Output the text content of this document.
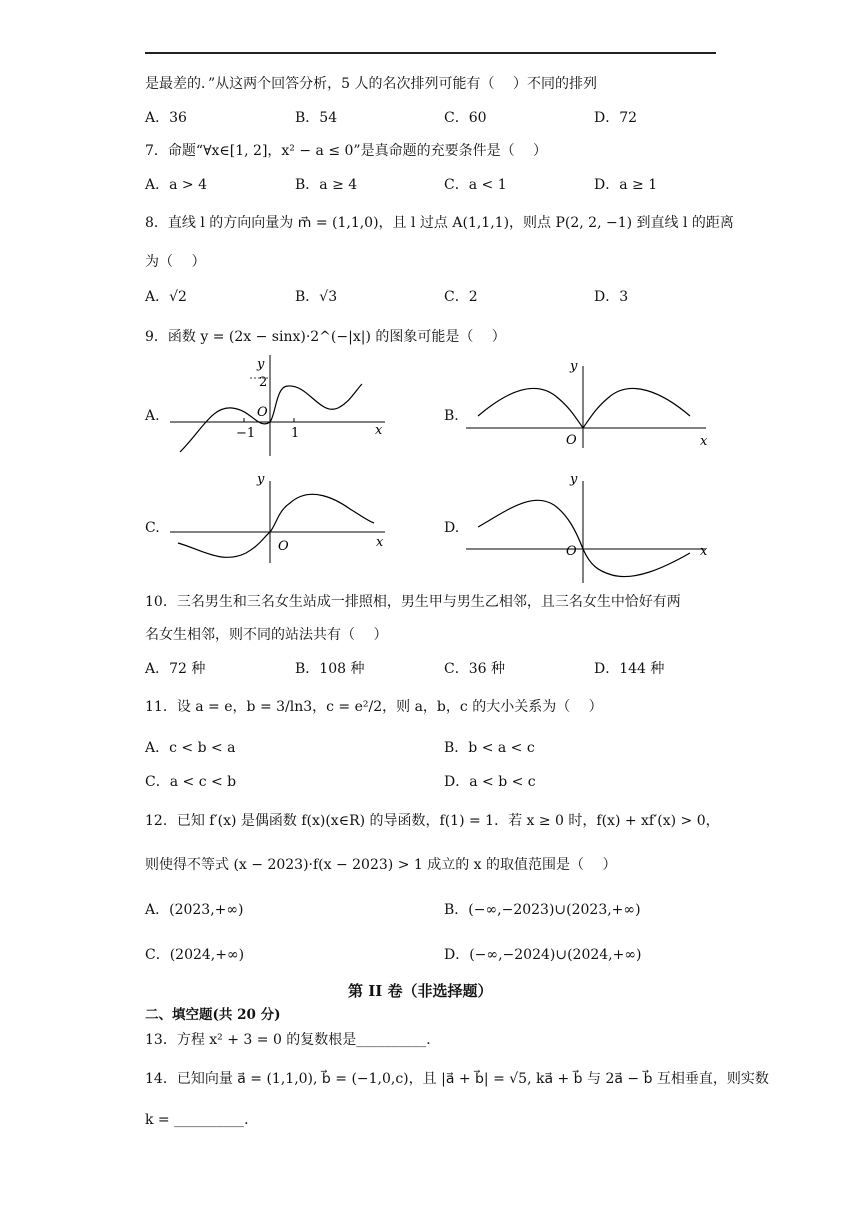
是最差的．”从这两个回答分析，5 人的名次排列可能有（　 ）不同的排列
A．36	B．54	C．60	D．72
7．命题“∀x∈[1, 2]，x² − a ≤ 0”是真命题的充要条件是（　 ）
A．a > 4	B．a ≥ 4	C．a < 1	D．a ≥ 1
8．直线 l 的方向向量为 m⃗ = (1,1,0)，且 l 过点 A(1,1,1)，则点 P(2, 2, −1) 到直线 l 的距离
为（　 ）
A．√2	B．√3	C．2	D．3
9．函数 y = (2x − sinx)·2^(−|x|) 的图象可能是（　 ）
A.	B.
C.	D.
y
x
O
2
−1	1
y
x
O
y
x
O
y
x
O
10．三名男生和三名女生站成一排照相，男生甲与男生乙相邻，且三名女生中恰好有两
名女生相邻，则不同的站法共有（　 ）
A．72 种	B．108 种	C．36 种	D．144 种
11．设 a = e，b = 3/ln3，c = e²/2，则 a，b，c 的大小关系为（　 ）
A．c < b < a	B．b < a < c
C．a < c < b	D．a < b < c
12．已知 f′(x) 是偶函数 f(x)(x∈R) 的导函数，f(1) = 1．若 x ≥ 0 时，f(x) + xf′(x) > 0，
则使得不等式 (x − 2023)·f(x − 2023) > 1 成立的 x 的取值范围是（　 ）
A．(2023,+∞)	B．(−∞,−2023)∪(2023,+∞)
C．(2024,+∞)	D．(−∞,−2024)∪(2024,+∞)
第 II 卷（非选择题）
二、填空题(共 20 分)
13．方程 x² + 3 = 0 的复数根是__________．
14．已知向量 a⃗ = (1,1,0), b⃗ = (−1,0,c)，且 |a⃗ + b⃗| = √5, ka⃗ + b⃗ 与 2a⃗ − b⃗ 互相垂直，则实数
k = __________．
